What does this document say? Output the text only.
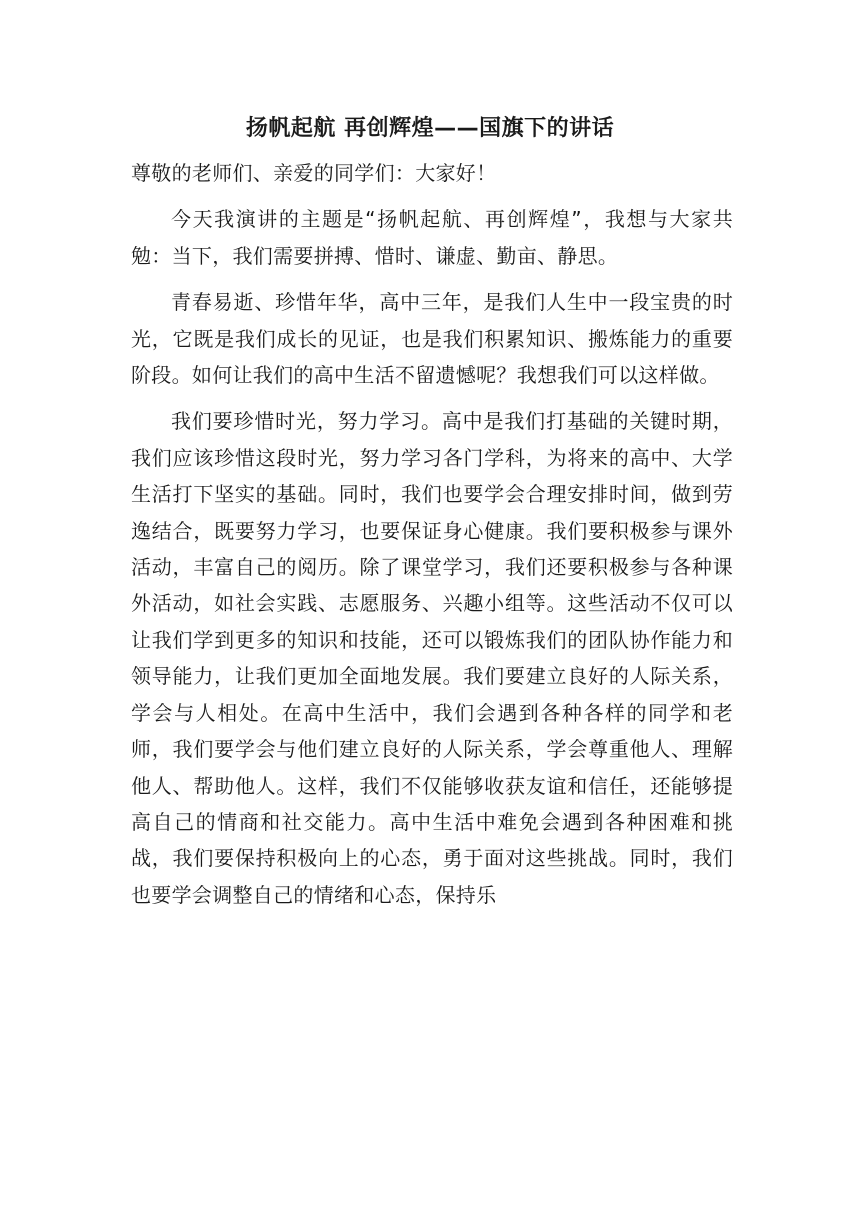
扬帆起航 再创辉煌——国旗下的讲话

尊敬的老师们、亲爱的同学们：大家好！

今天我演讲的主题是“扬帆起航、再创辉煌”，我想与大家共勉：当下，我们需要拼搏、惜时、谦虚、勤亩、静思。

青春易逝、珍惜年华，高中三年，是我们人生中一段宝贵的时光，它既是我们成长的见证，也是我们积累知识、搬炼能力的重要阶段。如何让我们的高中生活不留遗憾呢？我想我们可以这样做。

我们要珍惜时光，努力学习。高中是我们打基础的关键时期，我们应该珍惜这段时光，努力学习各门学科，为将来的高中、大学生活打下坚实的基础。同时，我们也要学会合理安排时间，做到劳逸结合，既要努力学习，也要保证身心健康。我们要积极参与课外活动，丰富自己的阅历。除了课堂学习，我们还要积极参与各种课外活动，如社会实践、志愿服务、兴趣小组等。这些活动不仅可以让我们学到更多的知识和技能，还可以锻炼我们的团队协作能力和领导能力，让我们更加全面地发展。我们要建立良好的人际关系，学会与人相处。在高中生活中，我们会遇到各种各样的同学和老师，我们要学会与他们建立良好的人际关系，学会尊重他人、理解他人、帮助他人。这样，我们不仅能够收获友谊和信任，还能够提高自己的情商和社交能力。高中生活中难免会遇到各种困难和挑战，我们要保持积极向上的心态，勇于面对这些挑战。同时，我们也要学会调整自己的情绪和心态，保持乐
